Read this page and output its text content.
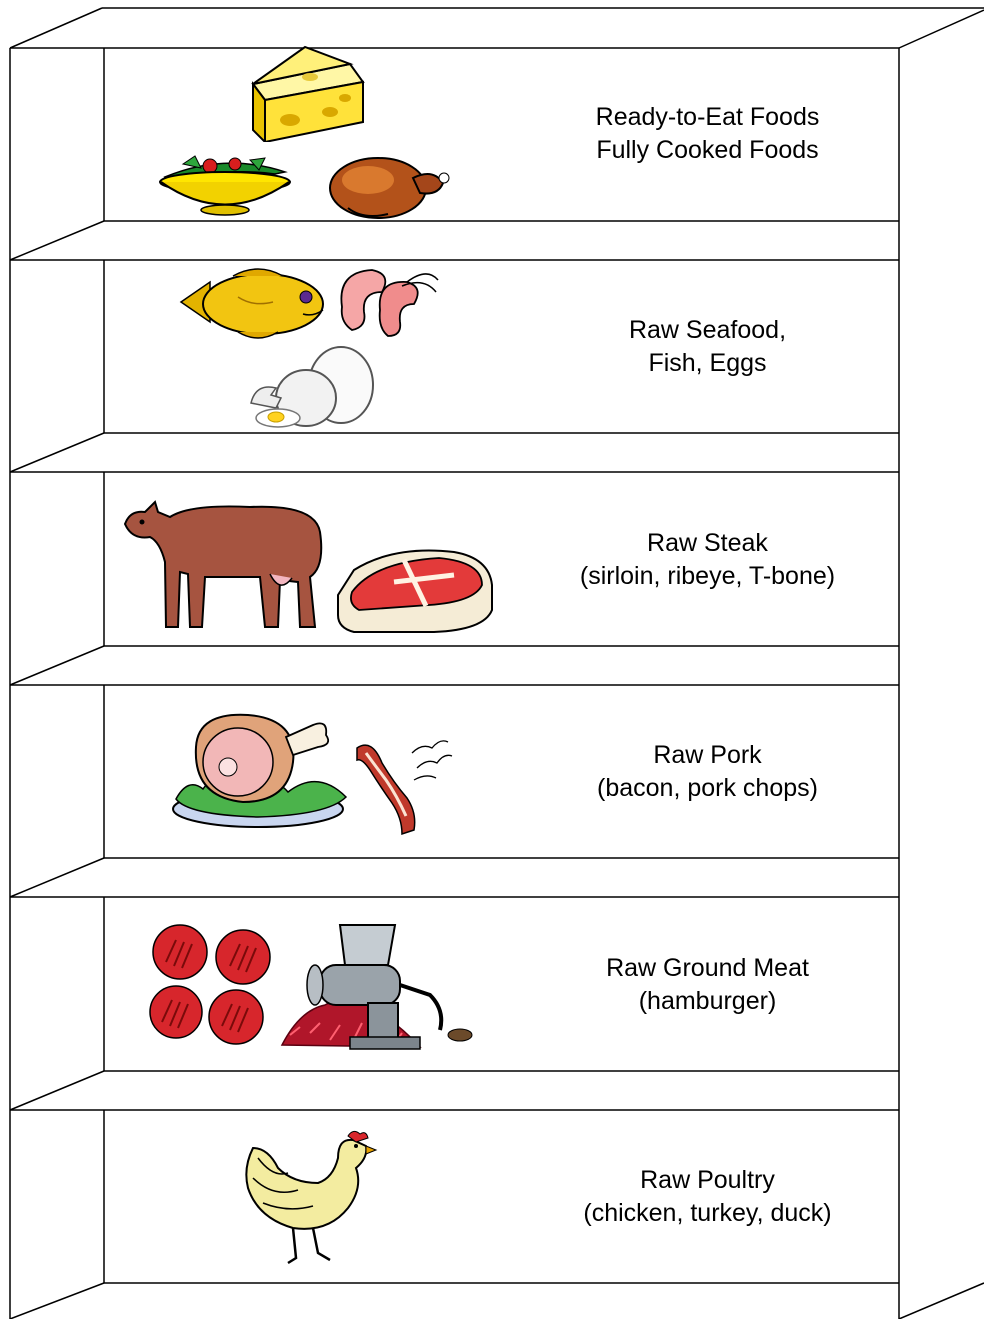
Ready-to-Eat Foods
Fully Cooked Foods
Raw Seafood,
Fish, Eggs
Raw Steak
(sirloin, ribeye, T-bone)
Raw Pork
(bacon, pork chops)
Raw Ground Meat
(hamburger)
Raw Poultry
(chicken, turkey, duck)
